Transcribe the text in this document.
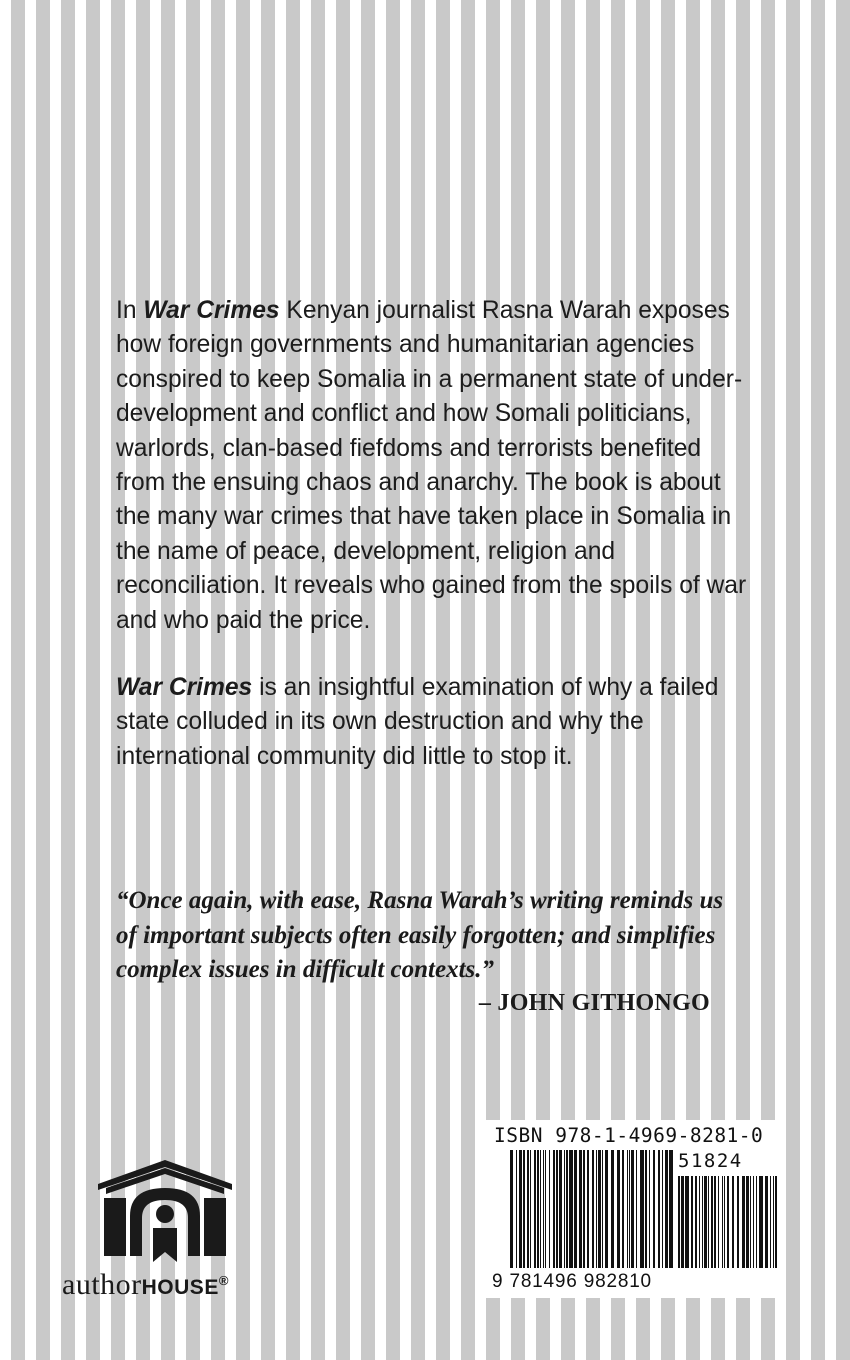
In War Crimes Kenyan journalist Rasna Warah exposes how foreign governments and humanitarian agencies conspired to keep Somalia in a permanent state of under-development and conflict and how Somali politicians, warlords, clan-based fiefdoms and terrorists benefited from the ensuing chaos and anarchy. The book is about the many war crimes that have taken place in Somalia in the name of peace, development, religion and reconciliation. It reveals who gained from the spoils of war and who paid the price.

War Crimes is an insightful examination of why a failed state colluded in its own destruction and why the international community did little to stop it.

“Once again, with ease, Rasna Warah’s writing reminds us of important subjects often easily forgotten; and simplifies complex issues in difficult contexts.”
– JOHN GITHONGO
authorHOUSE®
ISBN 978-1-4969-8281-0
51824
9 781496 982810
